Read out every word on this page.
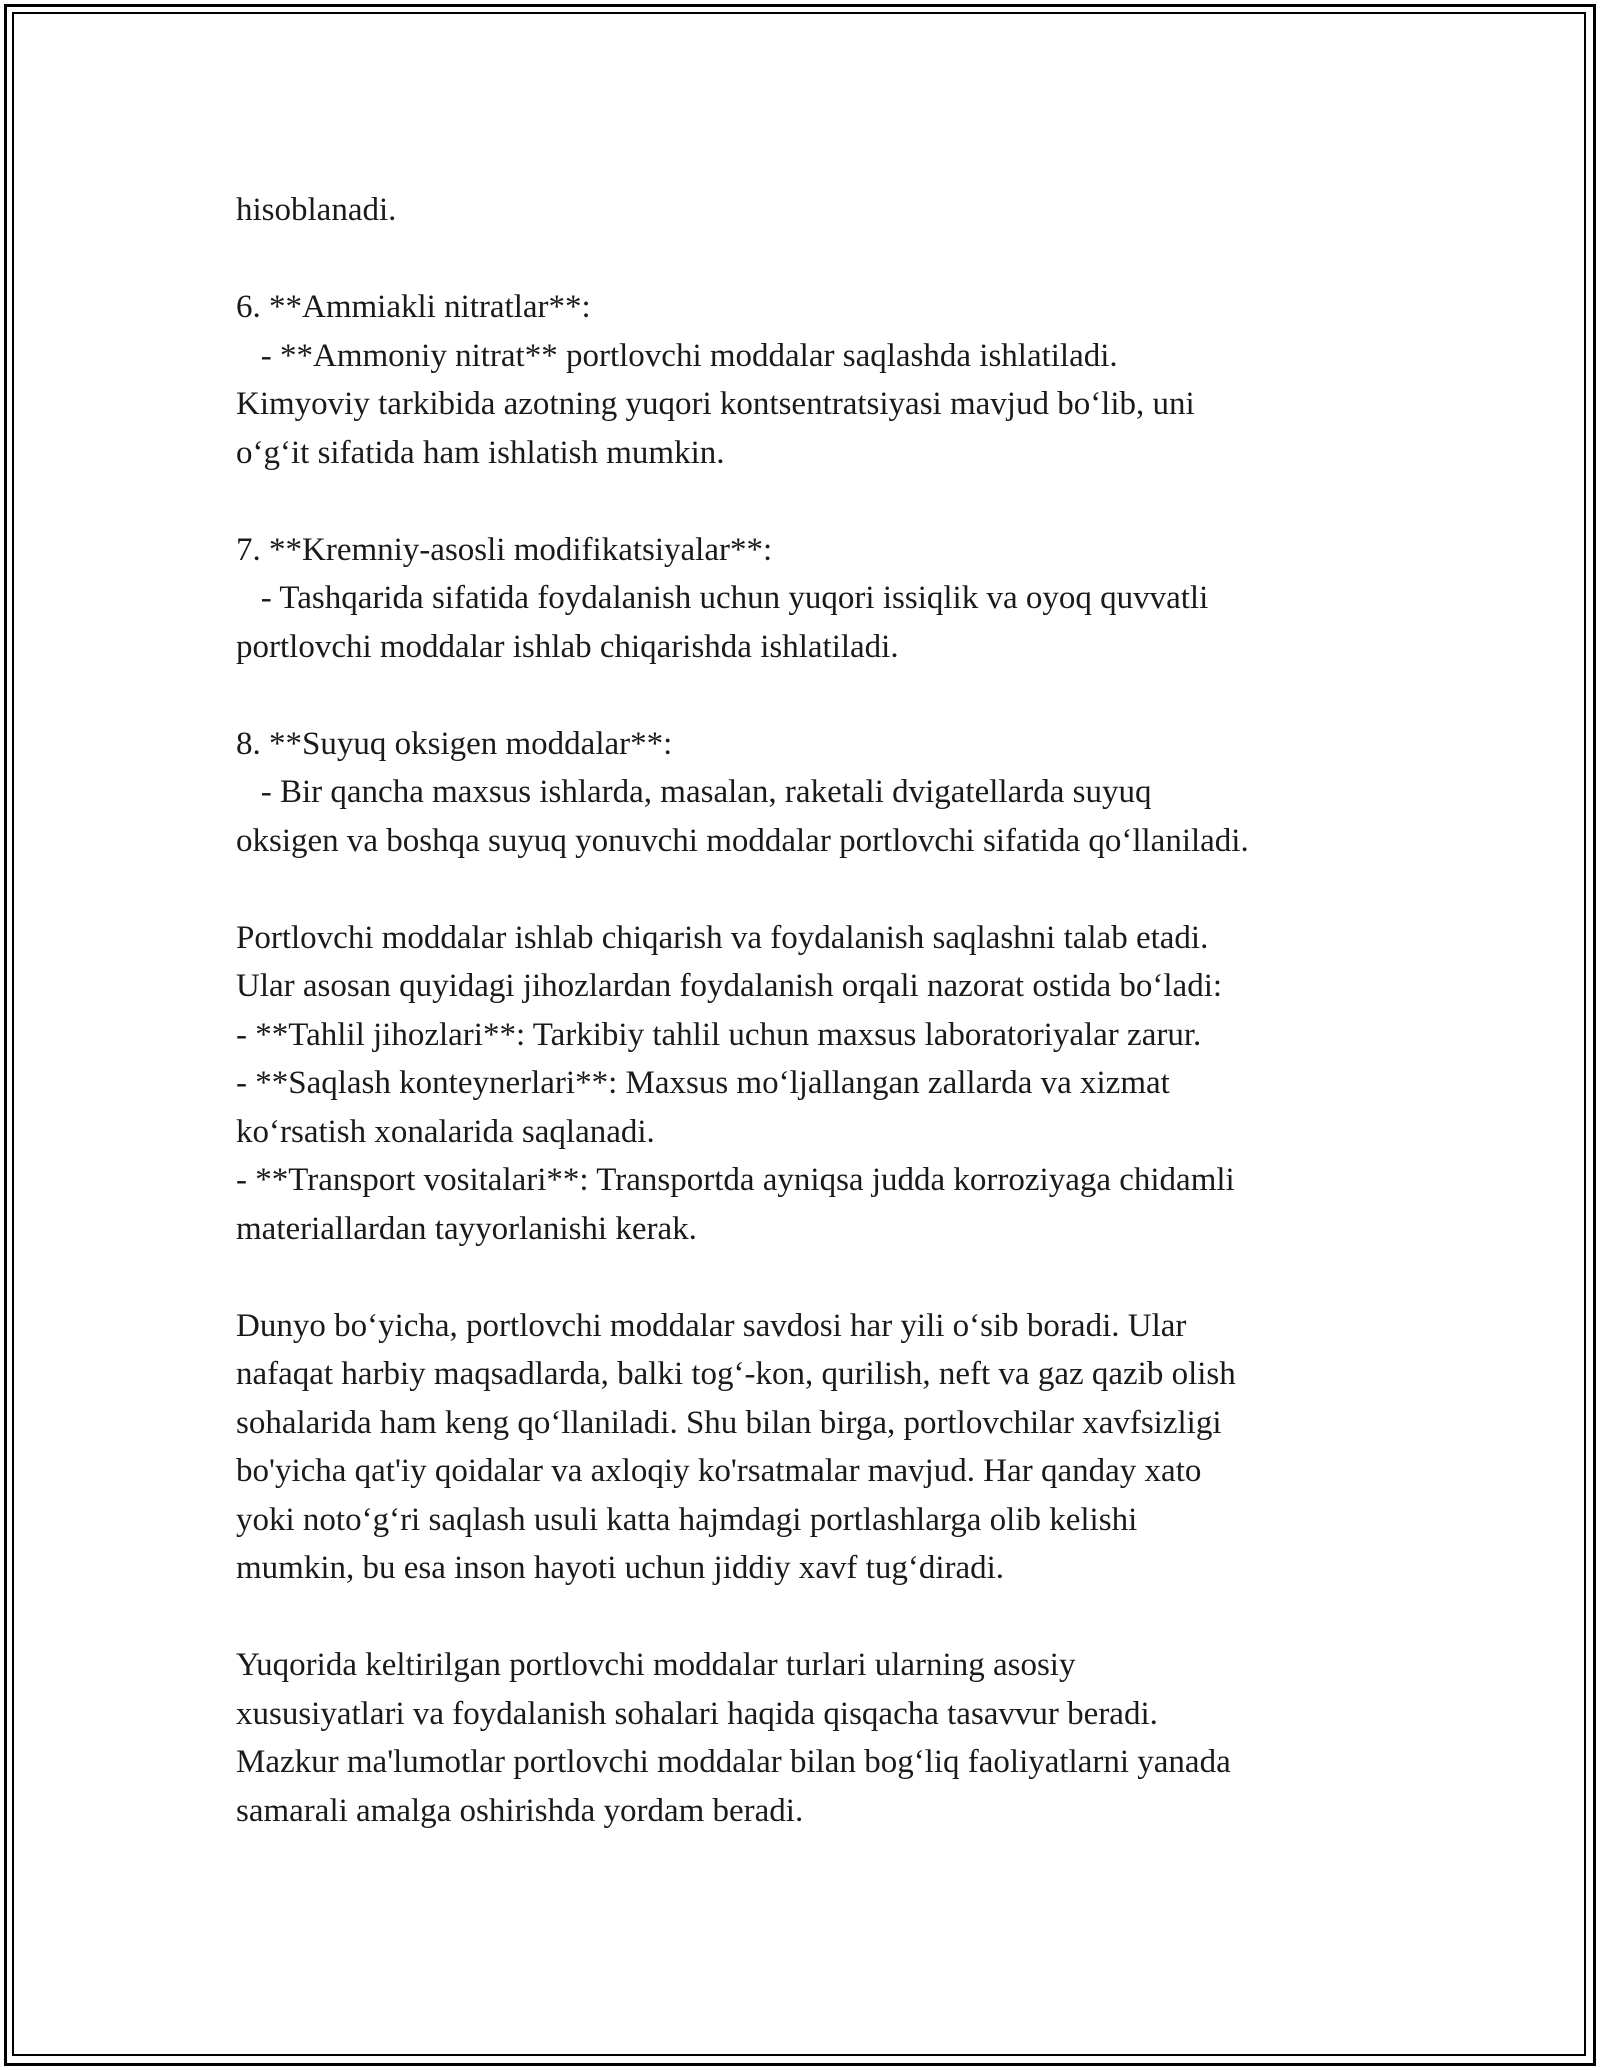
hisoblanadi.
6. **Ammiakli nitratlar**:
- **Ammoniy nitrat** portlovchi moddalar saqlashda ishlatiladi.
Kimyoviy tarkibida azotning yuqori kontsentratsiyasi mavjud bo‘lib, uni
o‘g‘it sifatida ham ishlatish mumkin.
7. **Kremniy-asosli modifikatsiyalar**:
- Tashqarida sifatida foydalanish uchun yuqori issiqlik va oyoq quvvatli
portlovchi moddalar ishlab chiqarishda ishlatiladi.
8. **Suyuq oksigen moddalar**:
- Bir qancha maxsus ishlarda, masalan, raketali dvigatellarda suyuq
oksigen va boshqa suyuq yonuvchi moddalar portlovchi sifatida qo‘llaniladi.
Portlovchi moddalar ishlab chiqarish va foydalanish saqlashni talab etadi.
Ular asosan quyidagi jihozlardan foydalanish orqali nazorat ostida bo‘ladi:
- **Tahlil jihozlari**: Tarkibiy tahlil uchun maxsus laboratoriyalar zarur.
- **Saqlash konteynerlari**: Maxsus mo‘ljallangan zallarda va xizmat
ko‘rsatish xonalarida saqlanadi.
- **Transport vositalari**: Transportda ayniqsa judda korroziyaga chidamli
materiallardan tayyorlanishi kerak.
Dunyo bo‘yicha, portlovchi moddalar savdosi har yili o‘sib boradi. Ular
nafaqat harbiy maqsadlarda, balki tog‘-kon, qurilish, neft va gaz qazib olish
sohalarida ham keng qo‘llaniladi. Shu bilan birga, portlovchilar xavfsizligi
bo'yicha qat'iy qoidalar va axloqiy ko'rsatmalar mavjud. Har qanday xato
yoki noto‘g‘ri saqlash usuli katta hajmdagi portlashlarga olib kelishi
mumkin, bu esa inson hayoti uchun jiddiy xavf tug‘diradi.
Yuqorida keltirilgan portlovchi moddalar turlari ularning asosiy
xususiyatlari va foydalanish sohalari haqida qisqacha tasavvur beradi.
Mazkur ma'lumotlar portlovchi moddalar bilan bog‘liq faoliyatlarni yanada
samarali amalga oshirishda yordam beradi.
